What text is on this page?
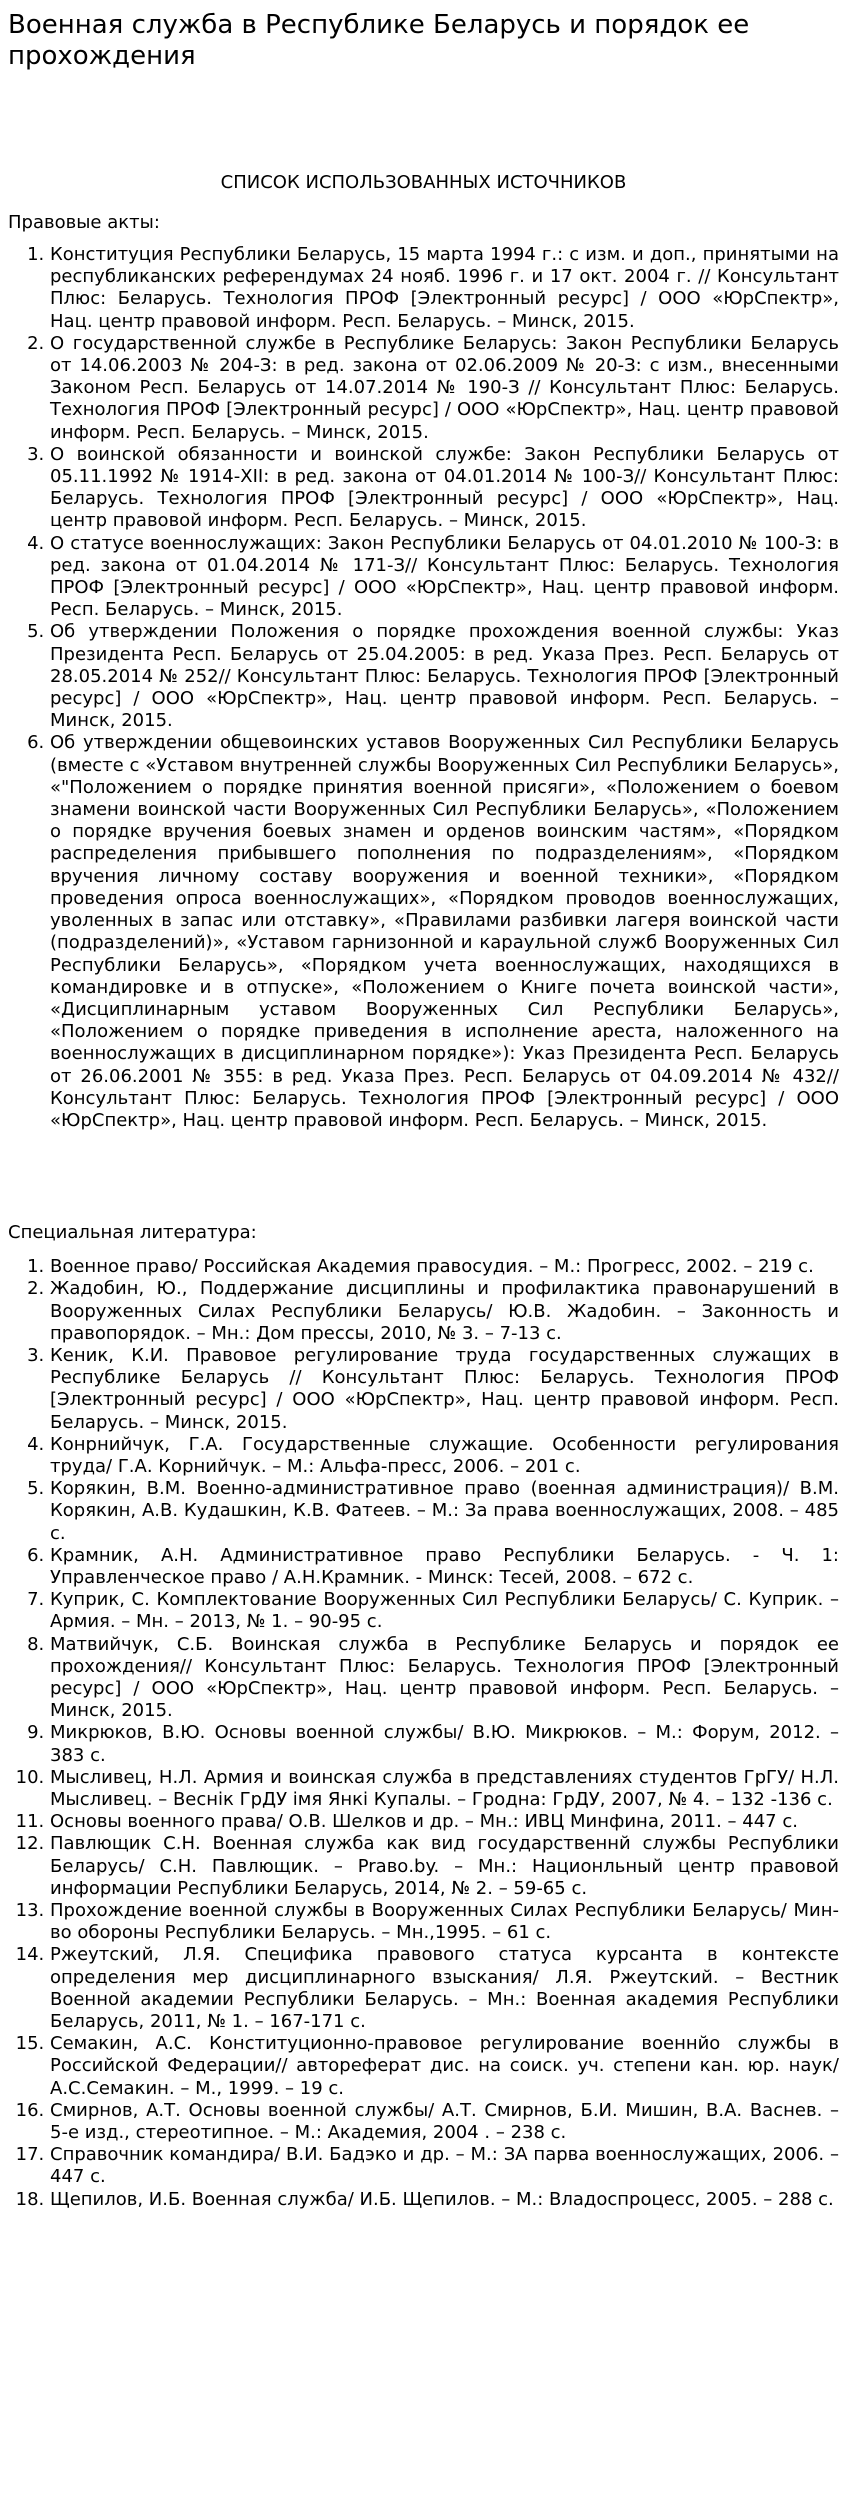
Военная служба в Республике Беларусь и порядок ее прохождения
СПИСОК ИСПОЛЬЗОВАННЫХ ИСТОЧНИКОВ
Правовые акты:
1. Конституция Республики Беларусь, 15 марта 1994 г.: с изм. и доп., принятыми на республиканских референдумах 24 нояб. 1996 г. и 17 окт. 2004 г. // Консультант Плюс: Беларусь. Технология ПРОФ [Электронный ресурс] / ООО «ЮрСпектр», Нац. центр правовой информ. Респ. Беларусь. – Минск, 2015.
2. О государственной службе в Республике Беларусь: Закон Республики Беларусь от 14.06.2003 № 204-З: в ред. закона от 02.06.2009 № 20-З: с изм., внесенными Законом Респ. Беларусь от 14.07.2014 № 190-З // Консультант Плюс: Беларусь. Технология ПРОФ [Электронный ресурс] / ООО «ЮрСпектр», Нац. центр правовой информ. Респ. Беларусь. – Минск, 2015.
3. О воинской обязанности и воинской службе: Закон Республики Беларусь от 05.11.1992 № 1914-XII: в ред. закона от 04.01.2014 № 100-З// Консультант Плюс: Беларусь. Технология ПРОФ [Электронный ресурс] / ООО «ЮрСпектр», Нац. центр правовой информ. Респ. Беларусь. – Минск, 2015.
4. О статусе военнослужащих: Закон Республики Беларусь от 04.01.2010 № 100-З: в ред. закона от 01.04.2014 № 171-З// Консультант Плюс: Беларусь. Технология ПРОФ [Электронный ресурс] / ООО «ЮрСпектр», Нац. центр правовой информ. Респ. Беларусь. – Минск, 2015.
5. Об утверждении Положения о порядке прохождения военной службы: Указ Президента Респ. Беларусь от 25.04.2005: в ред. Указа През. Респ. Беларусь от 28.05.2014 № 252// Консультант Плюс: Беларусь. Технология ПРОФ [Электронный ресурс] / ООО «ЮрСпектр», Нац. центр правовой информ. Респ. Беларусь. – Минск, 2015.
6. Об утверждении общевоинских уставов Вооруженных Сил Республики Беларусь (вместе с «Уставом внутренней службы Вооруженных Сил Республики Беларусь», «"Положением о порядке принятия военной присяги», «Положением о боевом знамени воинской части Вооруженных Сил Республики Беларусь», «Положением о порядке вручения боевых знамен и орденов воинским частям», «Порядком распределения прибывшего пополнения по подразделениям», «Порядком вручения личному составу вооружения и военной техники», «Порядком проведения опроса военнослужащих», «Порядком проводов военнослужащих, уволенных в запас или отставку», «Правилами разбивки лагеря воинской части (подразделений)», «Уставом гарнизонной и караульной служб Вооруженных Сил Республики Беларусь», «Порядком учета военнослужащих, находящихся в командировке и в отпуске», «Положением о Книге почета воинской части», «Дисциплинарным уставом Вооруженных Сил Республики Беларусь», «Положением о порядке приведения в исполнение ареста, наложенного на военнослужащих в дисциплинарном порядке»): Указ Президента Респ. Беларусь от 26.06.2001 № 355: в ред. Указа През. Респ. Беларусь от 04.09.2014 № 432// Консультант Плюс: Беларусь. Технология ПРОФ [Электронный ресурс] / ООО «ЮрСпектр», Нац. центр правовой информ. Респ. Беларусь. – Минск, 2015.
Специальная литература:
1. Военное право/ Российская Академия правосудия. – М.: Прогресс, 2002. – 219 с.
2. Жадобин, Ю., Поддержание дисциплины и профилактика правонарушений в Вооруженных Силах Республики Беларусь/ Ю.В. Жадобин. – Законность и правопорядок. – Мн.: Дом прессы, 2010, № 3. – 7-13 с.
3. Кеник, К.И. Правовое регулирование труда государственных служащих в Республике Беларусь // Консультант Плюс: Беларусь. Технология ПРОФ [Электронный ресурс] / ООО «ЮрСпектр», Нац. центр правовой информ. Респ. Беларусь. – Минск, 2015.
4. Конрнийчук, Г.А. Государственные служащие. Особенности регулирования труда/ Г.А. Корнийчук. – М.: Альфа-пресс, 2006. – 201 с.
5. Корякин, В.М. Военно-административное право (военная администрация)/ В.М. Корякин, А.В. Кудашкин, К.В. Фатеев. – М.: За права военнослужащих, 2008. – 485 с.
6. Крамник, А.Н. Административное право Республики Беларусь. - Ч. 1: Управленческое право / А.Н.Крамник. - Минск: Тесей, 2008. – 672 с.
7. Куприк, С. Комплектование Вооруженных Сил Республики Беларусь/ С. Куприк. – Армия. – Мн. – 2013, № 1. – 90-95 с.
8. Матвийчук, С.Б. Воинская служба в Республике Беларусь и порядок ее прохождения// Консультант Плюс: Беларусь. Технология ПРОФ [Электронный ресурс] / ООО «ЮрСпектр», Нац. центр правовой информ. Респ. Беларусь. – Минск, 2015.
9. Микрюков, В.Ю. Основы военной службы/ В.Ю. Микрюков. – М.: Форум, 2012. – 383 с.
10. Мысливец, Н.Л. Армия и воинская служба в представлениях студентов ГрГУ/ Н.Л. Мысливец. – Веснік ГрДУ імя Янкі Купалы. – Гродна: ГрДУ, 2007, № 4. – 132 -136 с.
11. Основы военного права/ О.В. Шелков и др. – Мн.: ИВЦ Минфина, 2011. – 447 с.
12. Павлющик С.Н. Военная служба как вид государственнй службы Республики Беларусь/ С.Н. Павлющик. – Prаво.by. – Мн.: Национльный центр правовой информации Республики Беларусь, 2014, № 2. – 59-65 с.
13. Прохождение военной службы в Вооруженных Силах Республики Беларусь/ Мин-во обороны Республики Беларусь. – Мн.,1995. – 61 с.
14. Ржеутский, Л.Я. Специфика правового статуса курсанта в контексте определения мер дисциплинарного взыскания/ Л.Я. Ржеутский. – Вестник Военной академии Республики Беларусь. – Мн.: Военная академия Республики Беларусь, 2011, № 1. – 167-171 с.
15. Семакин, А.С. Конституционно-правовое регулирование военнйо службы в Российской Федерации// автореферат дис. на соиск. уч. степени кан. юр. наук/ А.С.Семакин. – М., 1999. – 19 с.
16. Смирнов, А.Т. Основы военной службы/ А.Т. Смирнов, Б.И. Мишин, В.А. Васнев. – 5-е изд., стереотипное. – М.: Академия, 2004 . – 238 с.
17. Справочник командира/ В.И. Бадэко и др. – М.: ЗА парва военнослужащих, 2006. – 447 с.
18. Щепилов, И.Б. Военная служба/ И.Б. Щепилов. – М.: Владоспроцесс, 2005. – 288 с.
